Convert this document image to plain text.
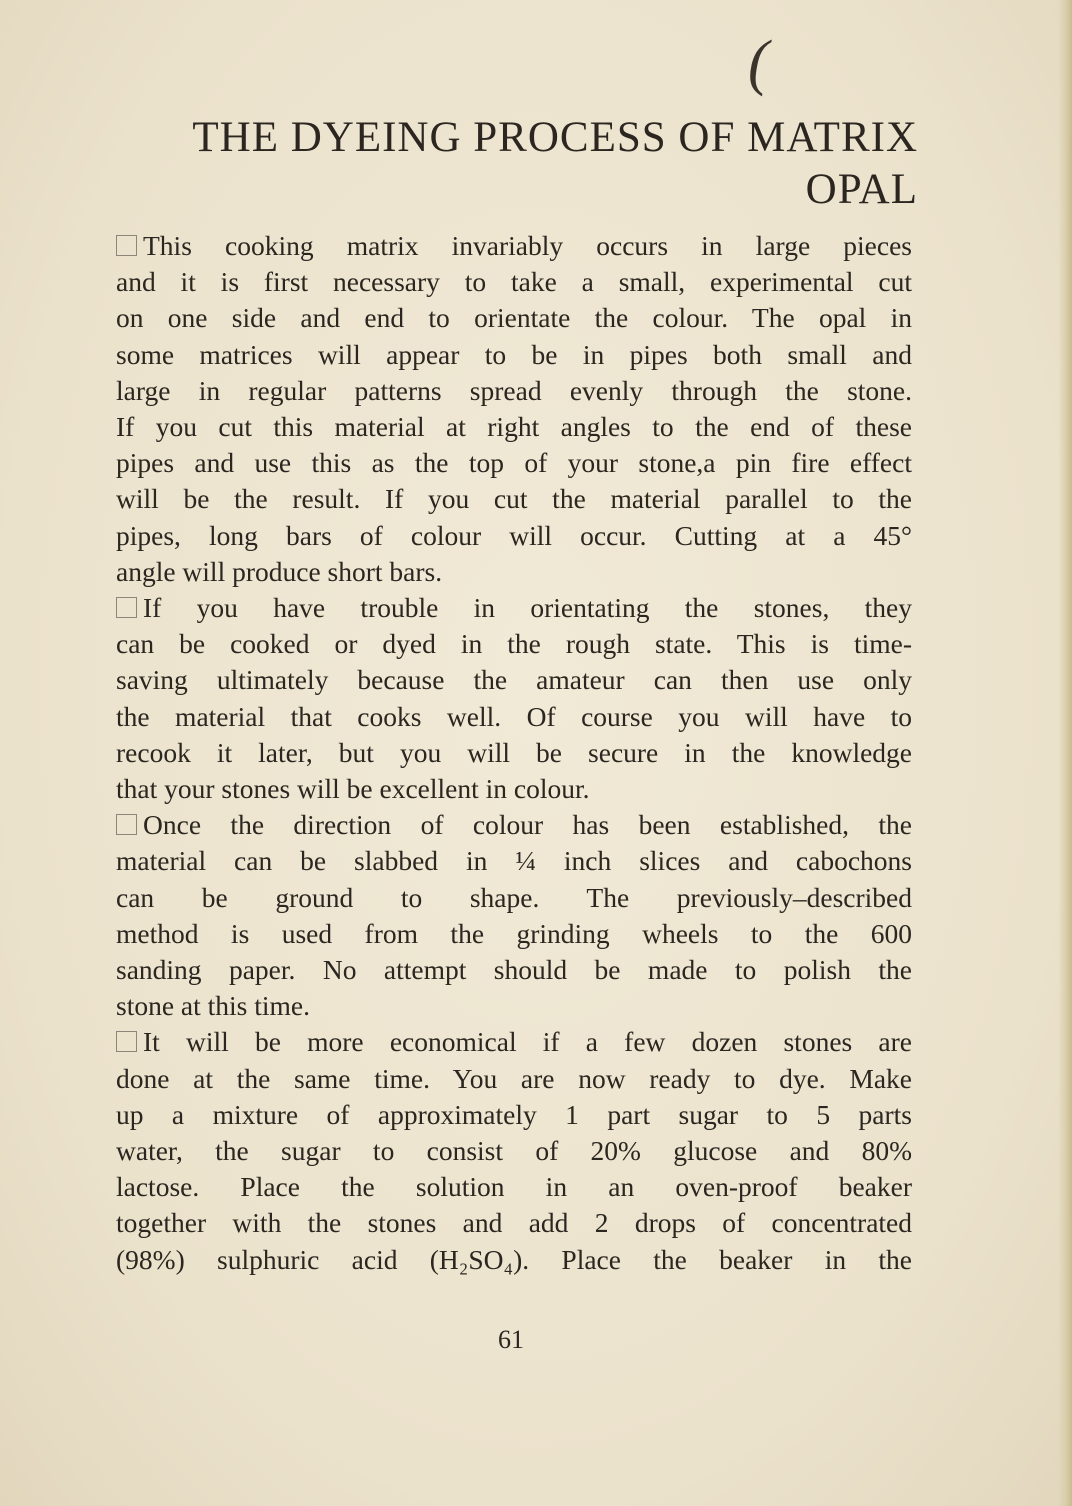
(
THE DYEING PROCESS OF MATRIX
OPAL

This cooking matrix invariably occurs in large pieces
and it is first necessary to take a small, experimental cut
on one side and end to orientate the colour. The opal in
some matrices will appear to be in pipes both small and
large in regular patterns spread evenly through the stone.
If you cut this material at right angles to the end of these
pipes and use this as the top of your stone,a pin fire effect
will be the result. If you cut the material parallel to the
pipes, long bars of colour will occur. Cutting at a 45°
angle will produce short bars.

If you have trouble in orientating the stones, they
can be cooked or dyed in the rough state. This is time-
saving ultimately because the amateur can then use only
the material that cooks well. Of course you will have to
recook it later, but you will be secure in the knowledge
that your stones will be excellent in colour.

Once the direction of colour has been established, the
material can be slabbed in ¼ inch slices and cabochons
can be ground to shape. The previously–described
method is used from the grinding wheels to the 600
sanding paper. No attempt should be made to polish the
stone at this time.

It will be more economical if a few dozen stones are
done at the same time. You are now ready to dye. Make
up a mixture of approximately 1 part sugar to 5 parts
water, the sugar to consist of 20% glucose and 80%
lactose. Place the solution in an oven-proof beaker
together with the stones and add 2 drops of concentrated
(98%) sulphuric acid (H₂SO₄). Place the beaker in the

61
